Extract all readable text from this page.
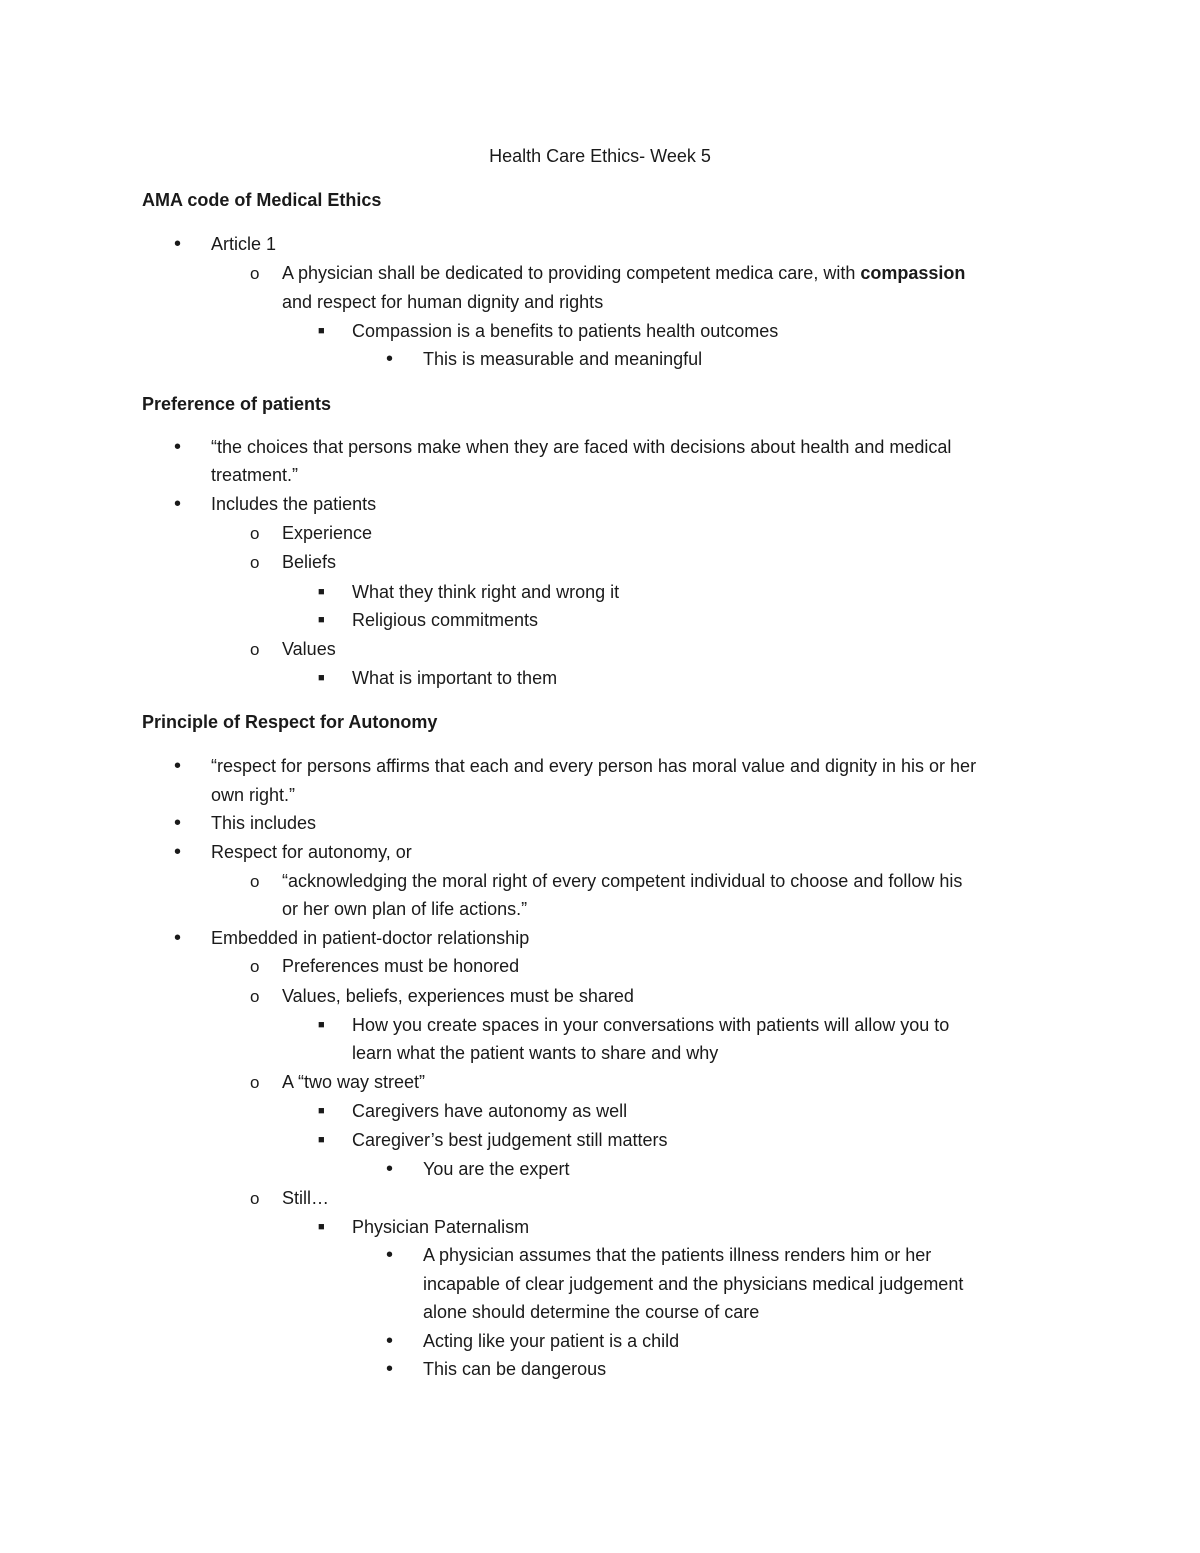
Health Care Ethics- Week 5
AMA code of Medical Ethics
• Article 1
o A physician shall be dedicated to providing competent medica care, with compassion
and respect for human dignity and rights
■ Compassion is a benefits to patients health outcomes
• This is measurable and meaningful
Preference of patients
• “the choices that persons make when they are faced with decisions about health and medical
treatment.”
• Includes the patients
o Experience
o Beliefs
■ What they think right and wrong it
■ Religious commitments
o Values
■ What is important to them
Principle of Respect for Autonomy
• “respect for persons affirms that each and every person has moral value and dignity in his or her
own right.”
• This includes
• Respect for autonomy, or
o “acknowledging the moral right of every competent individual to choose and follow his
or her own plan of life actions.”
• Embedded in patient-doctor relationship
o Preferences must be honored
o Values, beliefs, experiences must be shared
■ How you create spaces in your conversations with patients will allow you to
learn what the patient wants to share and why
o A “two way street”
■ Caregivers have autonomy as well
■ Caregiver’s best judgement still matters
• You are the expert
o Still…
■ Physician Paternalism
• A physician assumes that the patients illness renders him or her
incapable of clear judgement and the physicians medical judgement
alone should determine the course of care
• Acting like your patient is a child
• This can be dangerous
